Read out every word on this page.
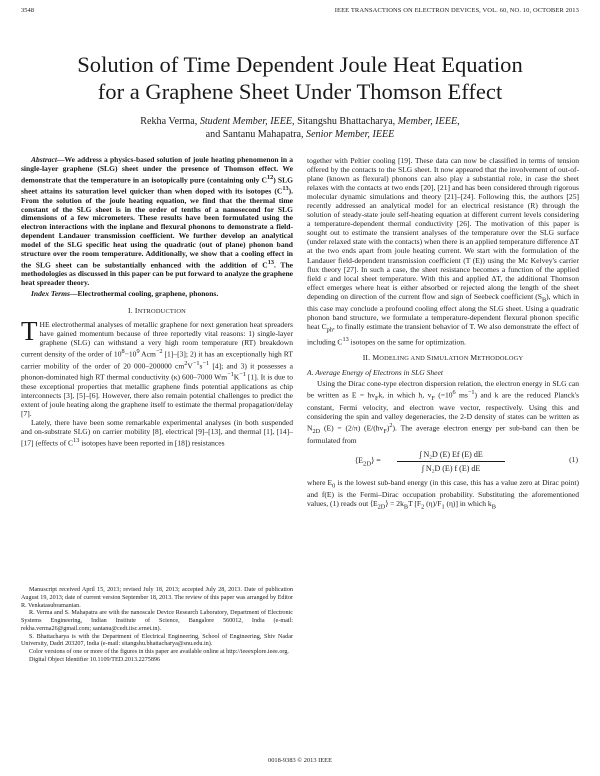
3548	IEEE TRANSACTIONS ON ELECTRON DEVICES, VOL. 60, NO. 10, OCTOBER 2013
Solution of Time Dependent Joule Heat Equation
for a Graphene Sheet Under Thomson Effect
Rekha Verma, Student Member, IEEE, Sitangshu Bhattacharya, Member, IEEE,
and Santanu Mahapatra, Senior Member, IEEE

Abstract—We address a physics-based solution of joule heating phenomenon in a single-layer graphene (SLG) sheet under the presence of Thomson effect. We demonstrate that the temperature in an isotopically pure (containing only $C^{12}$) SLG sheet attains its saturation level quicker than when doped with its isotopes $(C^{13})$. From the solution of the joule heating equation, we find that the thermal time constant of the SLG sheet is in the order of tenths of a nanosecond for SLG dimensions of a few micrometers. These results have been formulated using the electron interactions with the inplane and flexural phonons to demonstrate a field-dependent Landauer transmission coefficient. We further develop an analytical model of the SLG specific heat using the quadratic (out of plane) phonon band structure over the room temperature. Additionally, we show that a cooling effect in the SLG sheet can be substantially enhanced with the addition of $C^{13}$. The methodologies as discussed in this paper can be put forward to analyze the graphene heat spreader theory.

Index Terms—Electrothermal cooling, graphene, phonons.

I. INTRODUCTION

THE electrothermal analyses of metallic graphene for next generation heat spreaders have gained momentum because of three reportedly vital reasons: 1) single-layer graphene (SLG) can withstand a very high room temperature (RT) breakdown current density of the order of $10^8-10^9$ Acm$^{-2}$ [1]–[3]; 2) it has an exceptionally high RT carrier mobility of the order of 20 000–200000 $cm^2V^{-1}s^{-1}$ [4]; and 3) it possesses a phonon-dominated high RT thermal conductivity (κ) 600–7000 $Wm^{-1}K^{-1}$ [1]. It is due to these exceptional properties that metallic graphene finds potential applications as chip interconnects [3], [5]–[6]. However, there also remain potential challenges to predict the extent of joule heating along the graphene itself to estimate the thermal propagation/delay [7].

Lately, there have been some remarkable experimental analyses (in both suspended and on-substrate SLG) on carrier mobility [8], electrical [9]–[13], and thermal [1], [14]–[17] (effects of $C^{13}$ isotopes have been reported in [18]) resistances

Manuscript received April 15, 2013; revised July 18, 2013; accepted July 28, 2013. Date of publication August 19, 2013; date of current version September 18, 2013. The review of this paper was arranged by Editor R. Venkatasubramanian.

R. Verma and S. Mahapatra are with the nanoscale Device Research Laboratory, Department of Electronic Systems Engineering, Indian Institute of Science, Bangalore 560012, India (e-mail: rekha.verma26@gmail.com; santanu@cedt.iisc.ernet.in).

S. Bhattacharya is with the Department of Electrical Engineering, School of Engineering, Shiv Nadar University, Dadri 203207, India (e-mail: sitangshu.bhattacharya@snu.edu.in).

Color versions of one or more of the figures in this paper are available online at http://ieeexplore.ieee.org.

Digital Object Identifier 10.1109/TED.2013.2275896

together with Peltier cooling [19]. These data can now be classified in terms of tension offered by the contacts to the SLG sheet. It now appeared that the involvement of out-of-plane (known as flexural) phonons can also play a substantial role, in case the sheet relaxes with the contacts at two ends [20], [21] and has been considered through rigorous molecular dynamic simulations and theory [21]–[24]. Following this, the authors [25] recently addressed an analytical model for an electrical resistance (R) through the solution of steady-state joule self-heating equation at different current levels considering a temperature-dependent thermal conductivity [26]. The motivation of this paper is sought out to estimate the transient analyses of the temperature over the SLG surface (under relaxed state with the contacts) when there is an applied temperature difference ΔT at the two ends apart from joule heating current. We start with the formulation of the Landauer field-dependent transmission coefficient (T (E)) using the Mc Kelvey's carrier flux theory [27]. In such a case, the sheet resistance becomes a function of the applied field ε and local sheet temperature. With this and applied ΔT, the additional Thomson effect emerges where heat is either absorbed or rejected along the length of the sheet depending on direction of the current flow and sign of Seebeck coefficient $(S_B)$, which in this case may conclude a profound cooling effect along the SLG sheet. Using a quadratic phonon band structure, we formulate a temperature-dependent flexural phonon specific heat $C_{ph}$, to finally estimate the transient behavior of T. We also demonstrate the effect of including $C^{13}$ isotopes on the same for optimization.

II. MODELING AND SIMULATION METHODOLOGY

A. Average Energy of Electrons in SLG Sheet

Using the Dirac cone-type electron dispersion relation, the electron energy in SLG can be written as $E = ħv_Fk$, in which ħ, $v_F$ ($=10^6$ $ms^{-1}$) and k are the reduced Planck's constant, Fermi velocity, and electron wave vector, respectively. Using this and considering the spin and valley degeneracies, the 2-D density of states can be written as $N_{2D}$ (E) = (2/π) $(E/(ħv_F)^2)$. The average electron energy per sub-band can then be formulated from

$⟨E_{2D}⟩ = \frac{\text{∫ N₂D (E) Ef (E) dE}}{\text{∫ N₂D (E) f (E) dE}}$	(1)

where $E_0$ is the lowest sub-band energy (in this case, this has a value zero at Dirac point) and f(E) is the Fermi–Dirac occupation probability. Substituting the aforementioned values, (1) reads out $⟨E_{2D}⟩ = 2k_BT$ [$F_2$ $(\eta)/F_1$ (η)] in which $k_B$

0018-9383 © 2013 IEEE
